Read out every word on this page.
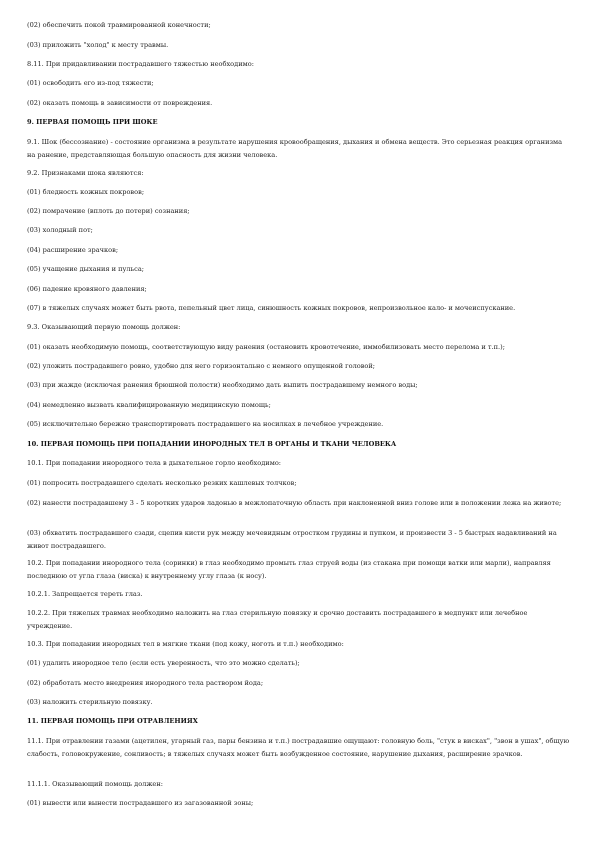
(02) обеспечить покой травмированной конечности;

(03) приложить "холод" к месту травмы.

8.11. При придавливании пострадавшего тяжестью необходимо:

(01) освободить его из-под тяжести;

(02) оказать помощь в зависимости от повреждения.

9. ПЕРВАЯ ПОМОЩЬ ПРИ ШОКЕ

9.1. Шок (бессознание) - состояние организма в результате нарушения кровообращения, дыхания и обмена веществ. Это серьезная реакция организма на ранение, представляющая большую опасность для жизни человека.

9.2. Признаками шока являются:

(01) бледность кожных покровов;

(02) помрачение (вплоть до потери) сознания;

(03) холодный пот;

(04) расширение зрачков;

(05) учащение дыхания и пульса;

(06) падение кровяного давления;

(07) в тяжелых случаях может быть рвота, пепельный цвет лица, синюшность кожных покровов, непроизвольное кало- и мочеиспускание.

9.3. Оказывающий первую помощь должен:

(01) оказать необходимую помощь, соответствующую виду ранения (остановить кровотечение, иммобилизовать место перелома и т.п.);

(02) уложить пострадавшего ровно, удобно для него горизонтально с немного опущенной головой;

(03) при жажде (исключая ранения брюшной полости) необходимо дать выпить пострадавшему немного воды;

(04) немедленно вызвать квалифицированную медицинскую помощь;

(05) исключительно бережно транспортировать пострадавшего на носилках в лечебное учреждение.

10. ПЕРВАЯ ПОМОЩЬ ПРИ ПОПАДАНИИ ИНОРОДНЫХ ТЕЛ В ОРГАНЫ И ТКАНИ ЧЕЛОВЕКА

10.1. При попадании инородного тела в дыхательное горло необходимо:

(01) попросить пострадавшего сделать несколько резких кашлевых толчков;

(02) нанести пострадавшему 3 - 5 коротких ударов ладонью в межлопаточную область при наклоненной вниз голове или в положении лежа на животе;

(03) обхватить пострадавшего сзади, сцепив кисти рук между мечевидным отростком грудины и пупком, и произвести 3 - 5 быстрых надавливаний на живот пострадавшего.

10.2. При попадании инородного тела (соринки) в глаз необходимо промыть глаз струей воды (из стакана при помощи ватки или марли), направляя последнюю от угла глаза (виска) к внутреннему углу глаза (к носу).

10.2.1. Запрещается тереть глаз.

10.2.2. При тяжелых травмах необходимо наложить на глаз стерильную повязку и срочно доставить пострадавшего в медпункт или лечебное учреждение.

10.3. При попадании инородных тел в мягкие ткани (под кожу, ноготь и т.п.) необходимо:

(01) удалить инородное тело (если есть уверенность, что это можно сделать);

(02) обработать место внедрения инородного тела раствором йода;

(03) наложить стерильную повязку.

11. ПЕРВАЯ ПОМОЩЬ ПРИ ОТРАВЛЕНИЯХ

11.1. При отравлении газами (ацетилен, угарный газ, пары бензина и т.п.) пострадавшие ощущают: головную боль, "стук в висках", "звон в ушах", общую слабость, головокружение, сонливость; в тяжелых случаях может быть возбужденное состояние, нарушение дыхания, расширение зрачков.

11.1.1. Оказывающий помощь должен:

(01) вывести или вынести пострадавшего из загазованной зоны;
